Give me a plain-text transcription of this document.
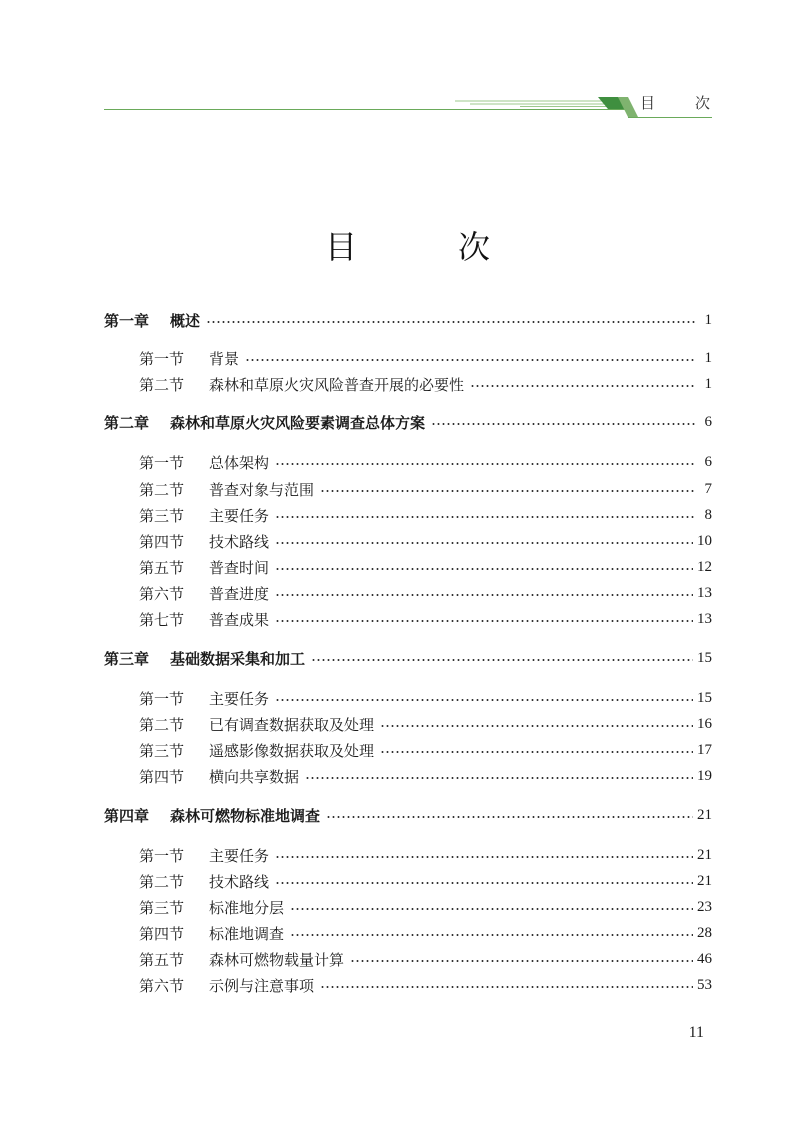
目	次
目	次
第一章	概述	1
第一节	背景	1
第二节	森林和草原火灾风险普查开展的必要性	1
第二章	森林和草原火灾风险要素调查总体方案	6
第一节	总体架构	6
第二节	普查对象与范围	7
第三节	主要任务	8
第四节	技术路线	10
第五节	普查时间	12
第六节	普查进度	13
第七节	普查成果	13
第三章	基础数据采集和加工	15
第一节	主要任务	15
第二节	已有调查数据获取及处理	16
第三节	遥感影像数据获取及处理	17
第四节	横向共享数据	19
第四章	森林可燃物标准地调查	21
第一节	主要任务	21
第二节	技术路线	21
第三节	标准地分层	23
第四节	标准地调查	28
第五节	森林可燃物载量计算	46
第六节	示例与注意事项	53
11
